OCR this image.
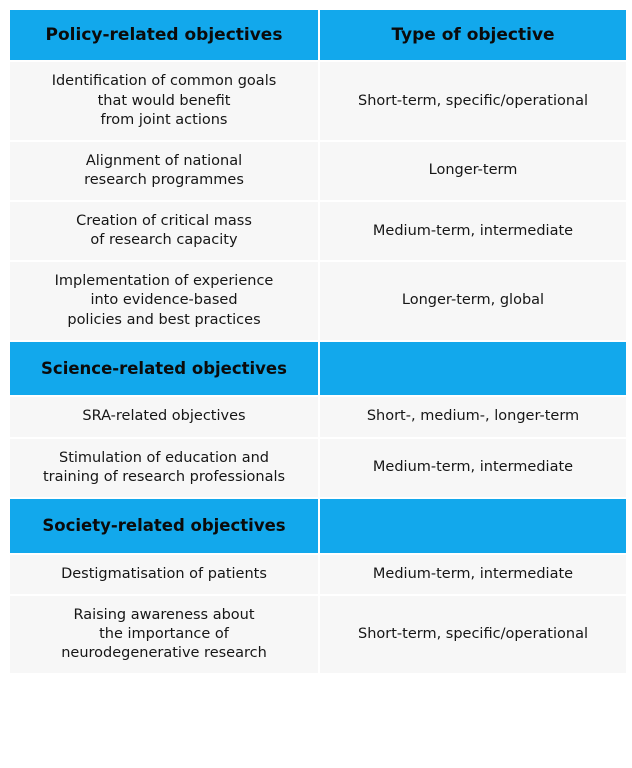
Policy-related objectives	Type of objective

Identification of common goals
that would benefit
from joint actions	Short-term, specific/operational

Alignment of national
research programmes	Longer-term

Creation of critical mass
of research capacity	Medium-term, intermediate

Implementation of experience
into evidence-based
policies and best practices	Longer-term, global

Science-related objectives	

SRA-related objectives	Short-, medium-, longer-term

Stimulation of education and
training of research professionals	Medium-term, intermediate

Society-related objectives	

Destigmatisation of patients	Medium-term, intermediate

Raising awareness about
the importance of
neurodegenerative research	Short-term, specific/operational
